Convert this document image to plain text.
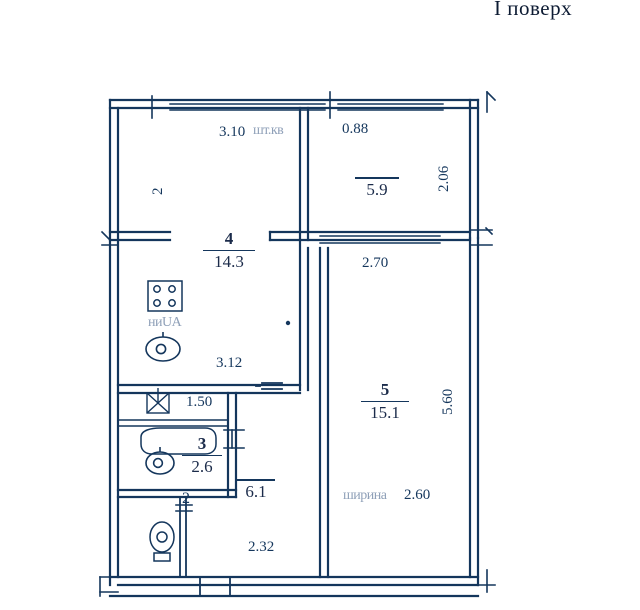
I поверх
3.10 шт.кв	0.88
2.06
2	5.9
2.70
4
14.3
ниUA
3.12
1.50
3
2.6
2	6.1
5
15.1	5.60
ширина 2.60
2.32
